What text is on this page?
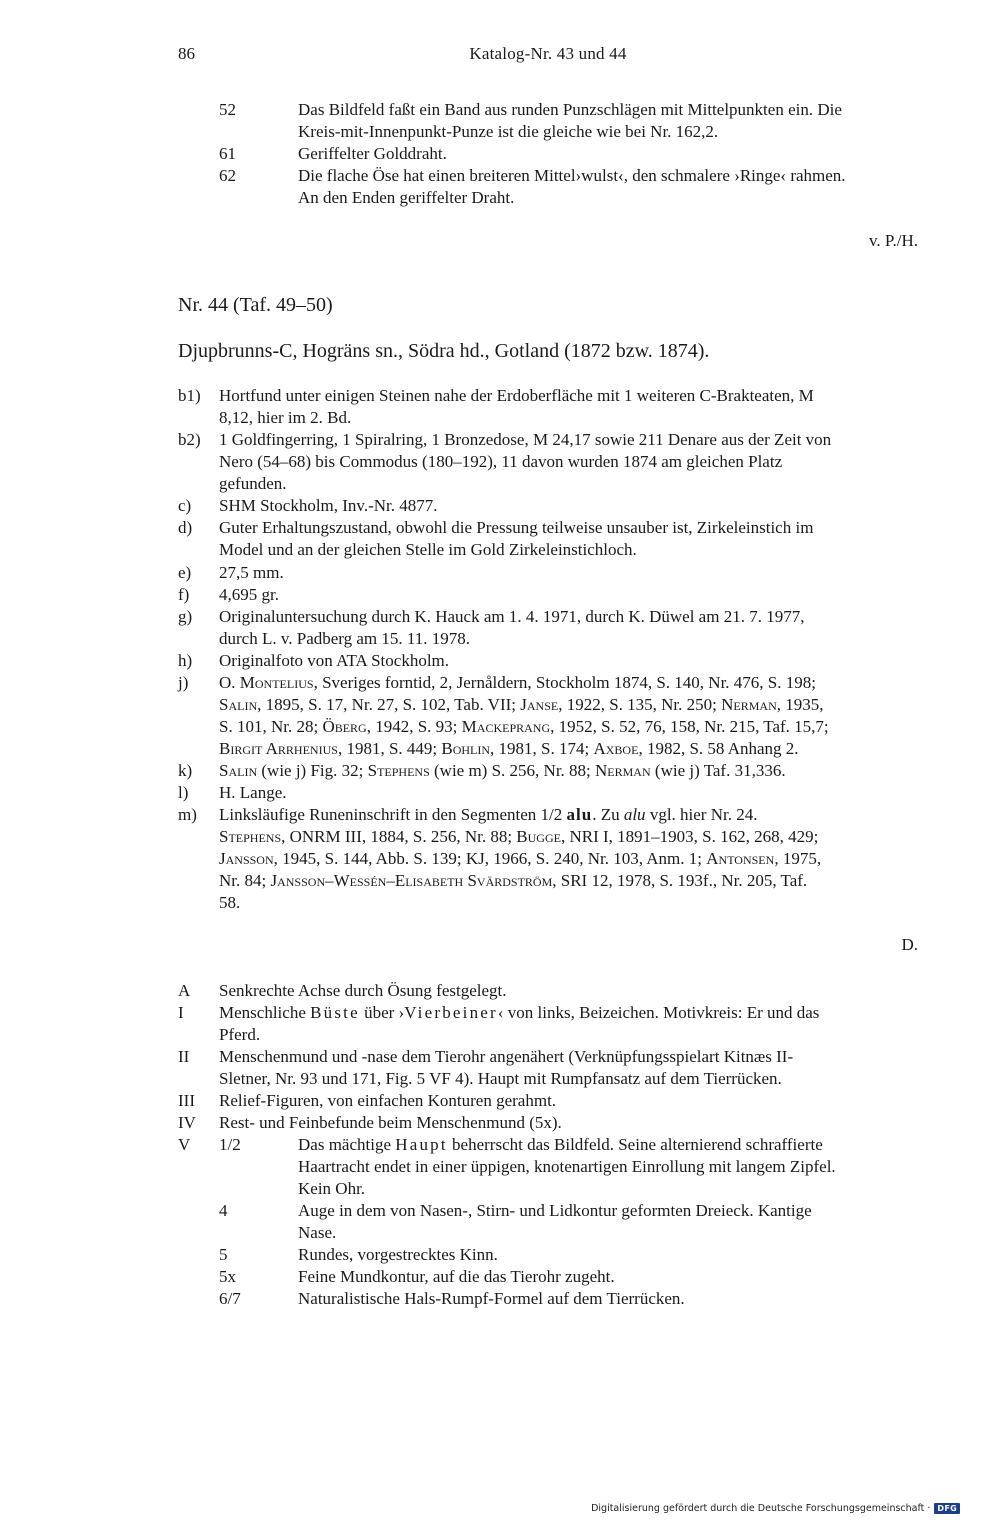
86	Katalog-Nr. 43 und 44
52	Das Bildfeld faßt ein Band aus runden Punzschlägen mit Mittelpunkten ein. Die
Kreis-mit-Innenpunkt-Punze ist die gleiche wie bei Nr. 162,2.
61	Geriffelter Golddraht.
62	Die flache Öse hat einen breiteren Mittel›wulst‹, den schmalere ›Ringe‹ rahmen.
An den Enden geriffelter Draht.
v. P./H.
Nr. 44 (Taf. 49–50)
Djupbrunns-C, Hogräns sn., Södra hd., Gotland (1872 bzw. 1874).
b1) Hortfund unter einigen Steinen nahe der Erdoberfläche mit 1 weiteren C-Brakteaten, M
8,12, hier im 2. Bd.
b2) 1 Goldfingerring, 1 Spiralring, 1 Bronzedose, M 24,17 sowie 211 Denare aus der Zeit von
Nero (54–68) bis Commodus (180–192), 11 davon wurden 1874 am gleichen Platz
gefunden.
c) SHM Stockholm, Inv.-Nr. 4877.
d) Guter Erhaltungszustand, obwohl die Pressung teilweise unsauber ist, Zirkeleinstich im
Model und an der gleichen Stelle im Gold Zirkeleinstichloch.
e) 27,5 mm.
f) 4,695 gr.
g) Originaluntersuchung durch K. Hauck am 1. 4. 1971, durch K. Düwel am 21. 7. 1977,
durch L. v. Padberg am 15. 11. 1978.
h) Originalfoto von ATA Stockholm.
j) O. Montelius, Sveriges forntid, 2, Jernåldern, Stockholm 1874, S. 140, Nr. 476, S. 198;
Salin, 1895, S. 17, Nr. 27, S. 102, Tab. VII; Janse, 1922, S. 135, Nr. 250; Nerman, 1935,
S. 101, Nr. 28; Öberg, 1942, S. 93; Mackeprang, 1952, S. 52, 76, 158, Nr. 215, Taf. 15,7;
Birgit Arrhenius, 1981, S. 449; Bohlin, 1981, S. 174; Axboe, 1982, S. 58 Anhang 2.
k) Salin (wie j) Fig. 32; Stephens (wie m) S. 256, Nr. 88; Nerman (wie j) Taf. 31,336.
l) H. Lange.
m) Linksläufige Runeninschrift in den Segmenten 1/2 alu. Zu alu vgl. hier Nr. 24.
Stephens, ONRM III, 1884, S. 256, Nr. 88; Bugge, NRI I, 1891–1903, S. 162, 268, 429;
Jansson, 1945, S. 144, Abb. S. 139; KJ, 1966, S. 240, Nr. 103, Anm. 1; Antonsen, 1975,
Nr. 84; Jansson–Wessén–Elisabeth Svärdström, SRI 12, 1978, S. 193f., Nr. 205, Taf.
58.
D.
A Senkrechte Achse durch Ösung festgelegt.
I Menschliche Büste über ›Vierbeiner‹ von links, Beizeichen. Motivkreis: Er und das
Pferd.
II Menschenmund und -nase dem Tierohr angenähert (Verknüpfungsspielart Kitnæs II-
Sletner, Nr. 93 und 171, Fig. 5 VF 4). Haupt mit Rumpfansatz auf dem Tierrücken.
III Relief-Figuren, von einfachen Konturen gerahmt.
IV Rest- und Feinbefunde beim Menschenmund (5x).
V 1/2	Das mächtige Haupt beherrscht das Bildfeld. Seine alternierend schraffierte
Haartracht endet in einer üppigen, knotenartigen Einrollung mit langem Zipfel.
Kein Ohr.
4	Auge in dem von Nasen-, Stirn- und Lidkontur geformten Dreieck. Kantige
Nase.
5	Rundes, vorgestrecktes Kinn.
5x	Feine Mundkontur, auf die das Tierohr zugeht.
6/7	Naturalistische Hals-Rumpf-Formel auf dem Tierrücken.
Digitalisierung gefördert durch die Deutsche Forschungsgemeinschaft · DFG
